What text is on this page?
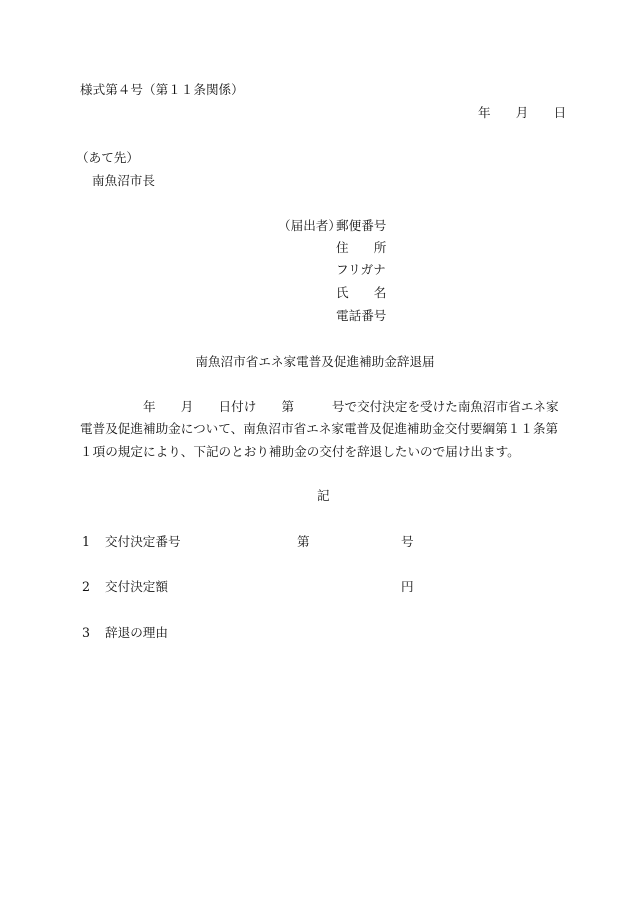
様式第４号（第１１条関係）
年　　月　　日
（あて先）
南魚沼市長
（届出者）
郵便番号
住　　所
フリガナ
氏　　名
電話番号
南魚沼市省エネ家電普及促進補助金辞退届
　　　　　年　　月　　日付け　　第　　　号で交付決定を受けた南魚沼市省エネ家
電普及促進補助金について、南魚沼市省エネ家電普及促進補助金交付要綱第１１条第
１項の規定により、下記のとおり補助金の交付を辞退したいので届け出ます。
記
1 交付決定番号	第	号
2 交付決定額	円
3 辞退の理由
